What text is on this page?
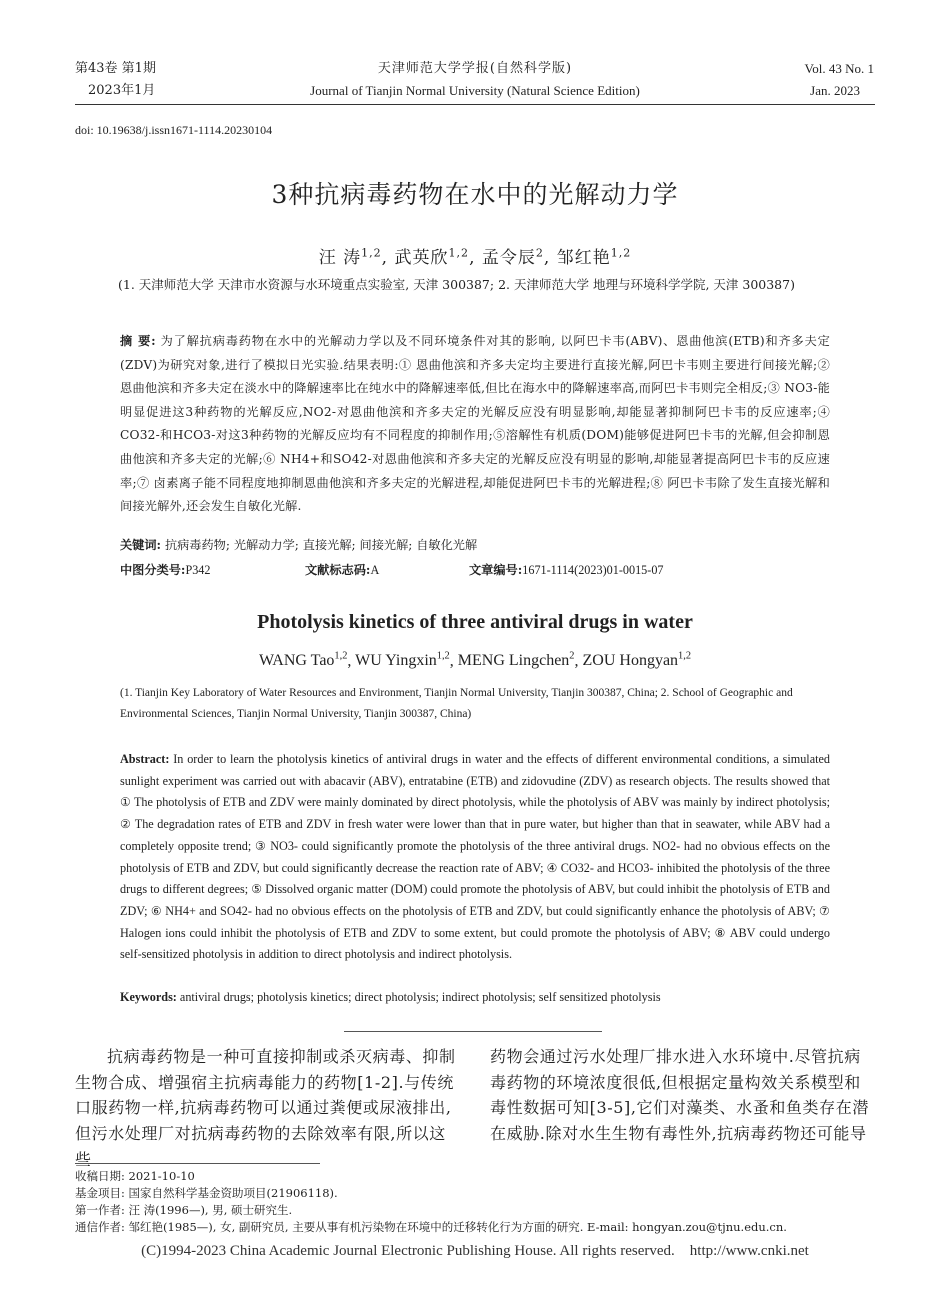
第43卷 第1期
2023年1月
天津师范大学学报(自然科学版)
Journal of Tianjin Normal University (Natural Science Edition)
Vol. 43 No. 1
Jan. 2023
doi: 10.19638/j.issn1671-1114.20230104
3种抗病毒药物在水中的光解动力学
汪 涛$^{1,2}$, 武英欣$^{1,2}$, 孟令辰$^2$, 邹红艳$^{1,2}$
(1. 天津师范大学 天津市水资源与水环境重点实验室, 天津 300387; 2. 天津师范大学 地理与环境科学学院, 天津 300387)
摘 要: 为了解抗病毒药物在水中的光解动力学以及不同环境条件对其的影响, 以阿巴卡韦(ABV)、恩曲他滨(ETB)和齐多夫定(ZDV)为研究对象,进行了模拟日光实验.结果表明:① 恩曲他滨和齐多夫定均主要进行直接光解,阿巴卡韦则主要进行间接光解;② 恩曲他滨和齐多夫定在淡水中的降解速率比在纯水中的降解速率低,但比在海水中的降解速率高,而阿巴卡韦则完全相反;③ NO3-能明显促进这3种药物的光解反应,NO2-对恩曲他滨和齐多夫定的光解反应没有明显影响,却能显著抑制阿巴卡韦的反应速率;④ CO32-和HCO3-对这3种药物的光解反应均有不同程度的抑制作用;⑤溶解性有机质(DOM)能够促进阿巴卡韦的光解,但会抑制恩曲他滨和齐多夫定的光解;⑥ NH4+和SO42-对恩曲他滨和齐多夫定的光解反应没有明显的影响,却能显著提高阿巴卡韦的反应速率;⑦ 卤素离子能不同程度地抑制恩曲他滨和齐多夫定的光解进程,却能促进阿巴卡韦的光解进程;⑧ 阿巴卡韦除了发生直接光解和间接光解外,还会发生自敏化光解.
关键词: 抗病毒药物; 光解动力学; 直接光解; 间接光解; 自敏化光解
中图分类号:P342	文献标志码:A	文章编号:1671-1114(2023)01-0015-07
Photolysis kinetics of three antiviral drugs in water
WANG Tao$^{1,2}$, WU Yingxin$^{1,2}$, MENG Lingchen$^2$, ZOU Hongyan$^{1,2}$
(1. Tianjin Key Laboratory of Water Resources and Environment, Tianjin Normal University, Tianjin 300387, China; 2. School of Geographic and Environmental Sciences, Tianjin Normal University, Tianjin 300387, China)
Abstract: In order to learn the photolysis kinetics of antiviral drugs in water and the effects of different environmental conditions, a simulated sunlight experiment was carried out with abacavir (ABV), entratabine (ETB) and zidovudine (ZDV) as research objects. The results showed that ① The photolysis of ETB and ZDV were mainly dominated by direct photolysis, while the photolysis of ABV was mainly by indirect photolysis; ② The degradation rates of ETB and ZDV in fresh water were lower than that in pure water, but higher than that in seawater, while ABV had a completely opposite trend; ③ NO3- could significantly promote the photolysis of the three antiviral drugs. NO2- had no obvious effects on the photolysis of ETB and ZDV, but could significantly decrease the reaction rate of ABV; ④ CO32- and HCO3- inhibited the photolysis of the three drugs to different degrees; ⑤ Dissolved organic matter (DOM) could promote the photolysis of ABV, but could inhibit the photolysis of ETB and ZDV; ⑥ NH4+ and SO42- had no obvious effects on the photolysis of ETB and ZDV, but could significantly enhance the photolysis of ABV; ⑦ Halogen ions could inhibit the photolysis of ETB and ZDV to some extent, but could promote the photolysis of ABV; ⑧ ABV could undergo self-sensitized photolysis in addition to direct photolysis and indirect photolysis.
Keywords: antiviral drugs; photolysis kinetics; direct photolysis; indirect photolysis; self sensitized photolysis
抗病毒药物是一种可直接抑制或杀灭病毒、抑制生物合成、增强宿主抗病毒能力的药物[1-2].与传统口服药物一样,抗病毒药物可以通过粪便或尿液排出,但污水处理厂对抗病毒药物的去除效率有限,所以这些
药物会通过污水处理厂排水进入水环境中.尽管抗病毒药物的环境浓度很低,但根据定量构效关系模型和毒性数据可知[3-5],它们对藻类、水蚤和鱼类存在潜在威胁.除对水生生物有毒性外,抗病毒药物还可能导
收稿日期: 2021-10-10
基金项目: 国家自然科学基金资助项目(21906118).
第一作者: 汪 涛(1996—), 男, 硕士研究生.
通信作者: 邹红艳(1985—), 女, 副研究员, 主要从事有机污染物在环境中的迁移转化行为方面的研究. E-mail: hongyan.zou@tjnu.edu.cn.
(C)1994-2023 China Academic Journal Electronic Publishing House. All rights reserved.    http://www.cnki.net
